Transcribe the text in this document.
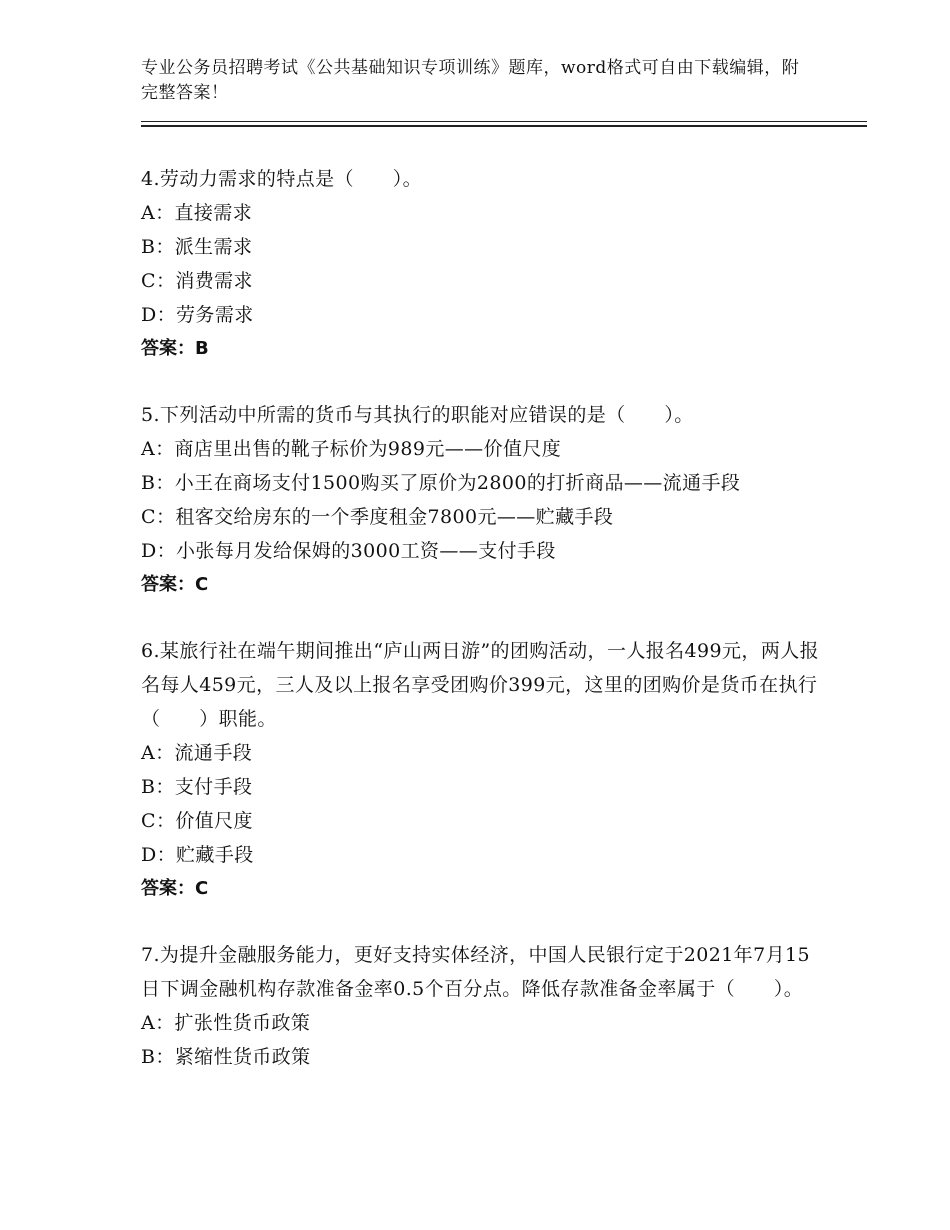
专业公务员招聘考试《公共基础知识专项训练》题库，word格式可自由下载编辑，附完整答案！
4.劳动力需求的特点是（　　）。
A：直接需求
B：派生需求
C：消费需求
D：劳务需求
答案：B
5.下列活动中所需的货币与其执行的职能对应错误的是（　　）。
A：商店里出售的靴子标价为989元——价值尺度
B：小王在商场支付1500购买了原价为2800的打折商品——流通手段
C：租客交给房东的一个季度租金7800元——贮藏手段
D：小张每月发给保姆的3000工资——支付手段
答案：C
6.某旅行社在端午期间推出“庐山两日游”的团购活动，一人报名499元，两人报名每人459元，三人及以上报名享受团购价399元，这里的团购价是货币在执行（　　）职能。
A：流通手段
B：支付手段
C：价值尺度
D：贮藏手段
答案：C
7.为提升金融服务能力，更好支持实体经济，中国人民银行定于2021年7月15日下调金融机构存款准备金率0.5个百分点。降低存款准备金率属于（　　）。
A：扩张性货币政策
B：紧缩性货币政策
